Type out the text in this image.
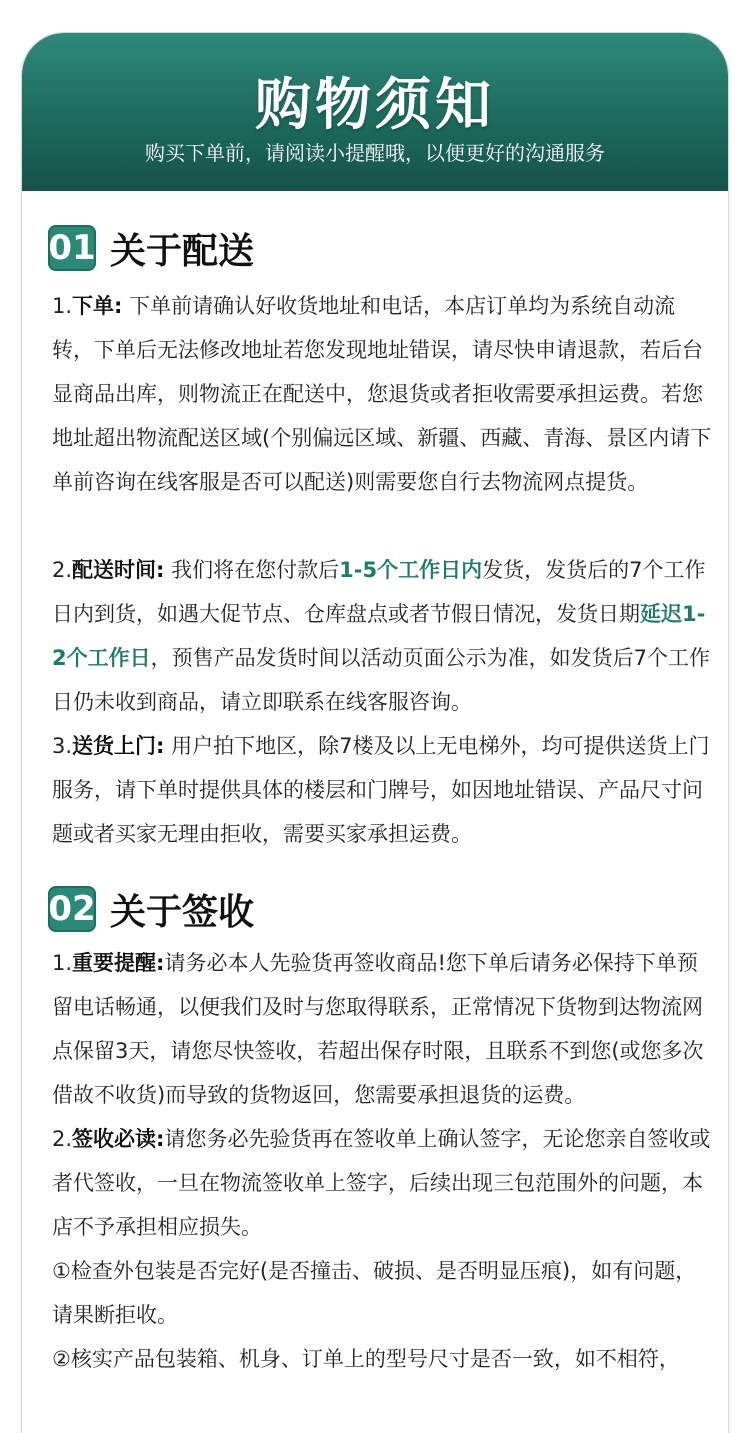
购物须知
购买下单前，请阅读小提醒哦，以便更好的沟通服务
01 关于配送
1.下单: 下单前请确认好收货地址和电话，本店订单均为系统自动流转，下单后无法修改地址若您发现地址错误，请尽快申请退款，若后台显商品出库，则物流正在配送中，您退货或者拒收需要承担运费。若您地址超出物流配送区域(个别偏远区域、新疆、西藏、青海、景区内请下单前咨询在线客服是否可以配送)则需要您自行去物流网点提货。
2.配送时间: 我们将在您付款后1-5个工作日内发货，发货后的7个工作日内到货，如遇大促节点、仓库盘点或者节假日情况，发货日期延迟1-2个工作日，预售产品发货时间以活动页面公示为准，如发货后7个工作日仍未收到商品，请立即联系在线客服咨询。
3.送货上门: 用户拍下地区，除7楼及以上无电梯外，均可提供送货上门服务，请下单时提供具体的楼层和门牌号，如因地址错误、产品尺寸问题或者买家无理由拒收，需要买家承担运费。
02 关于签收
1.重要提醒:请务必本人先验货再签收商品!您下单后请务必保持下单预留电话畅通，以便我们及时与您取得联系，正常情况下货物到达物流网点保留3天，请您尽快签收，若超出保存时限，且联系不到您(或您多次借故不收货)而导致的货物返回，您需要承担退货的运费。
2.签收必读:请您务必先验货再在签收单上确认签字，无论您亲自签收或者代签收，一旦在物流签收单上签字，后续出现三包范围外的问题，本店不予承担相应损失。
①检查外包装是否完好(是否撞击、破损、是否明显压痕)，如有问题，请果断拒收。
②核实产品包装箱、机身、订单上的型号尺寸是否一致，如不相符，
